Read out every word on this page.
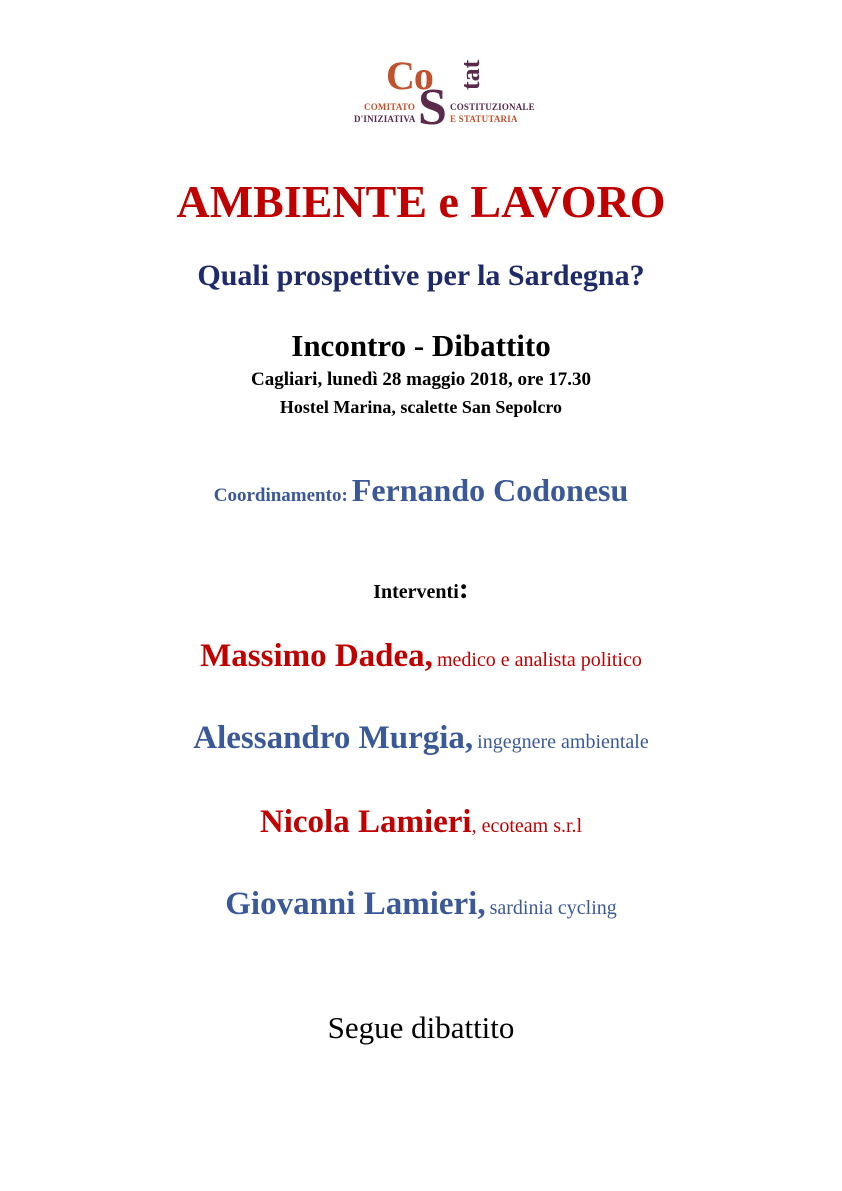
Co
S
tat
COMITATO
D'INIZIATIVA
COSTITUZIONALE
E STATUTARIA
AMBIENTE e LAVORO
Quali prospettive per la Sardegna?
Incontro - Dibattito
Cagliari, lunedì 28 maggio 2018, ore 17.30
Hostel Marina, scalette San Sepolcro
Coordinamento: Fernando Codonesu
Interventi:
Massimo Dadea, medico e analista politico
Alessandro Murgia, ingegnere ambientale
Nicola Lamieri, ecoteam s.r.l
Giovanni Lamieri, sardinia cycling
Segue dibattito
